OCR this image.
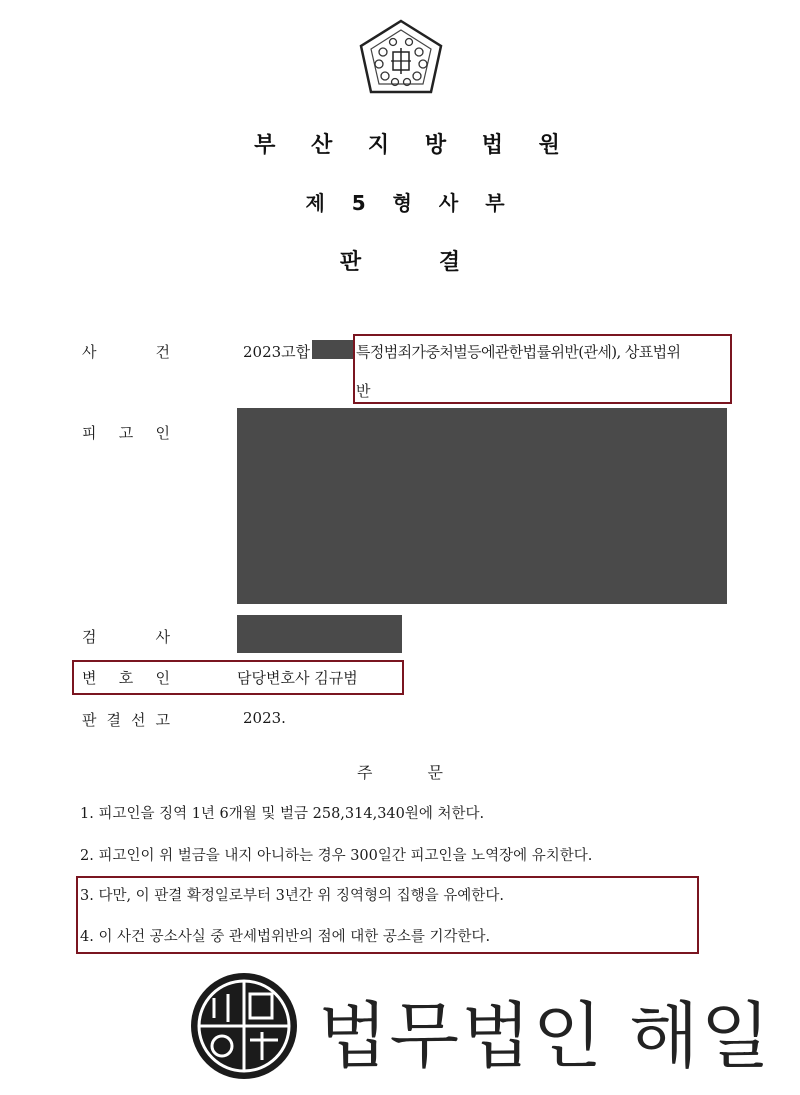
부 산 지 방 법 원
제 5 형 사 부
판 결
사 건	2023고합	특정범죄가중처벌등에관한법률위반(관세), 상표법위
반
피 고 인
검 사
변 호 인	담당변호사 김규범
판 결 선 고	2023.
주 문
1. 피고인을 징역 1년 6개월 및 벌금 258,314,340원에 처한다.
2. 피고인이 위 벌금을 내지 아니하는 경우 300일간 피고인을 노역장에 유치한다.
3. 다만, 이 판결 확정일로부터 3년간 위 징역형의 집행을 유예한다.
4. 이 사건 공소사실 중 관세법위반의 점에 대한 공소를 기각한다.
법무법인 해일
